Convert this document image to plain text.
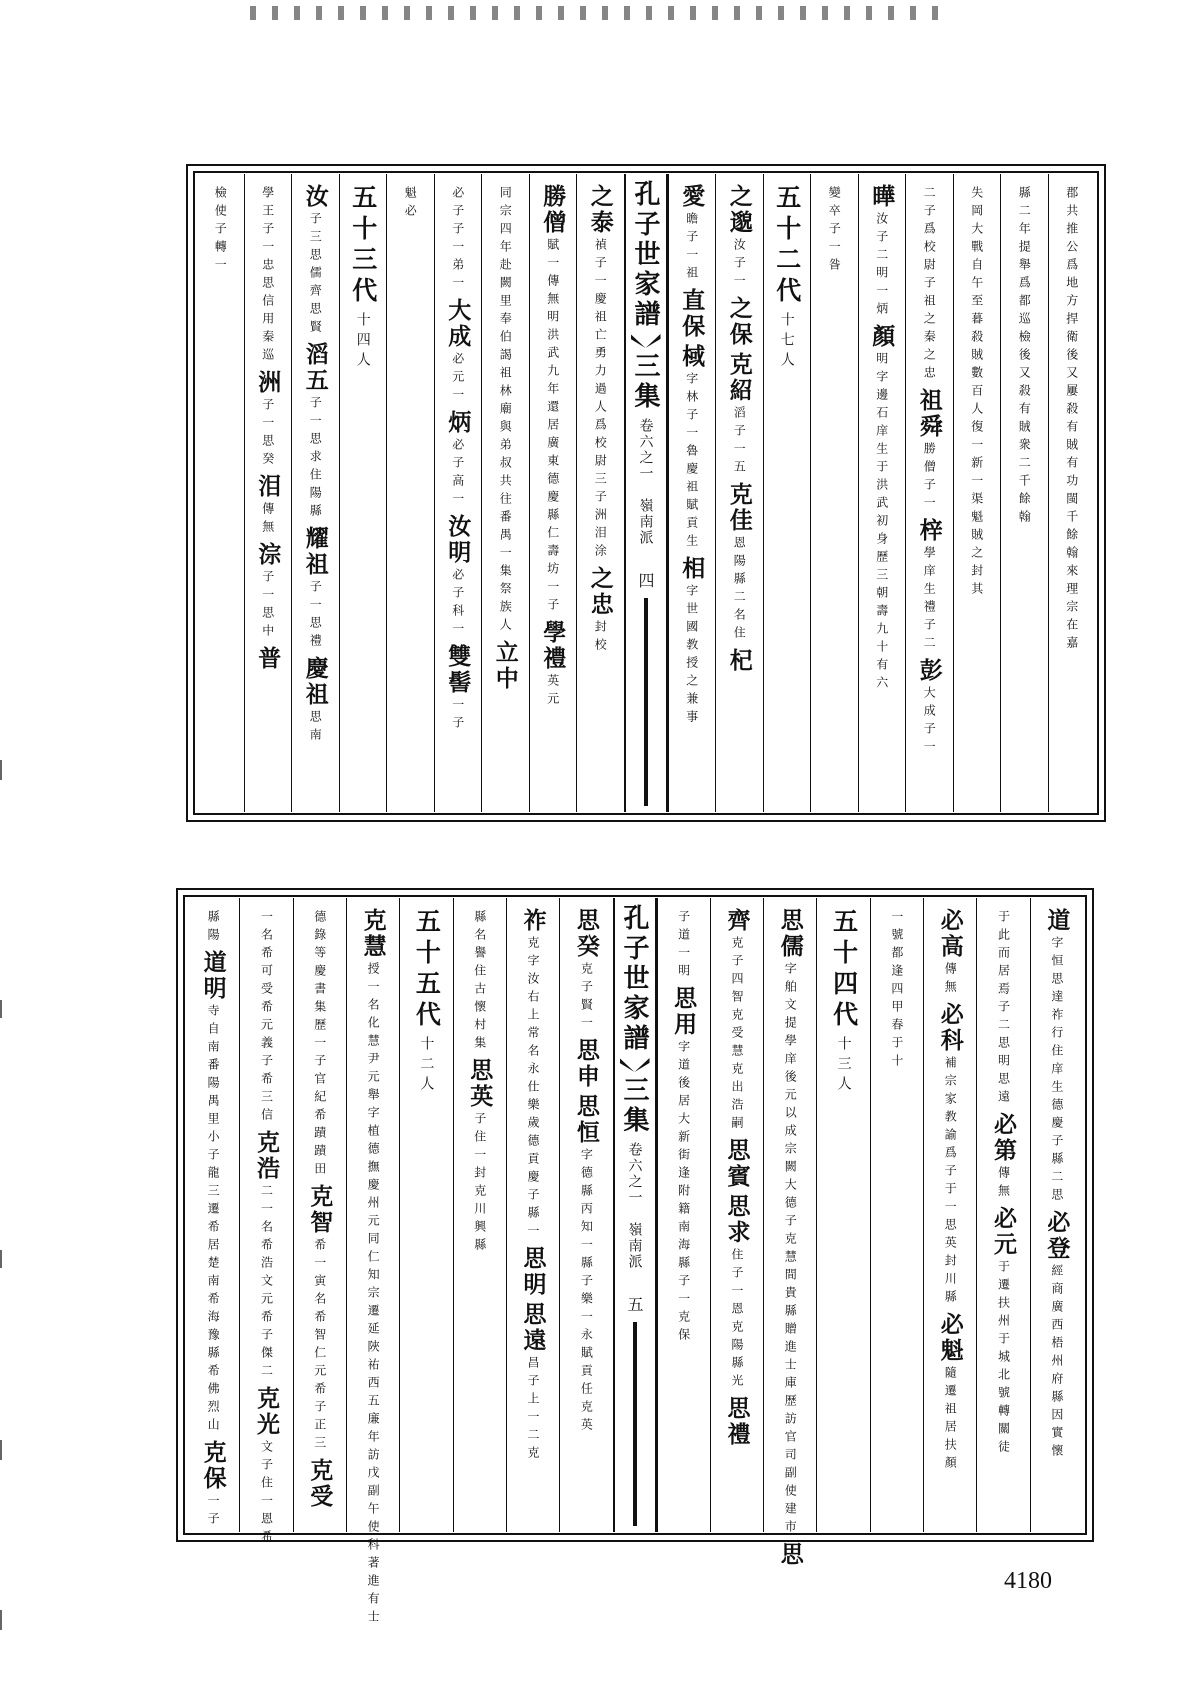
郡共推公爲地方捍衛後又屢殺有賊有功閩千餘翰來理宗在嘉
縣二年提舉爲都巡檢後又殺有賊衆二千餘翰
失岡大戰自午至暮殺賊數百人復一新一渠魁賊之封其
二子爲校尉子祖之秦之忠
祖舜
勝僧子一
梓
學庠生禮子二
彭
大成子一
曄
汝子二明一炳
顏
明字邊石庠生于洪武初身歷三朝壽九十有六
變卒子一昝
五十二代
十七人
之邈
汝子一
之保
克紹
滔子一五
克佳
恩陽縣二名住
杞
愛
曕子一祖
直保
棫
字林子一魯慶祖賦貢生
相
字世國教授之兼事
孔子世家譜
三集
卷六之一　嶺南派
四
之泰
禎子一慶祖亡勇力過人爲校尉三子洲泪涂
之忠
封校
勝僧
賦一傳無明洪武九年還居廣東德慶縣仁壽坊一子
學禮
英元
同宗四年赴闕里奉伯謁祖林廟與弟叔共往番禺一集祭族人
立中
必子子一弟一
大成
必元一
炳
必子高一
汝明
必子科一
雙髻
一子
魁必
五十三代
十四人
汝
子三思儒齊思賢
滔五
子一思求住陽縣
耀祖
子一思禮
慶祖
思南
學王子一忠思信用秦巡
洲
子一思癸
泪
傳無
淙
子一思中
普
檢使子轉一
道
字恒思達祚行住庠生德慶子縣二思
必登
經商廣西梧州府縣因實懷
于此而居焉子二思明思遠
必第
傳無
必元
于遷扶州于城北號轉關徒
必高
傳無
必科
補宗家教諭爲子于一思英封川縣
必魁
隨遷祖居扶顏
一號都逢四甲春于十
五十四代
十三人
思儒
字舶文提學庠後元以成宗闕大德子克慧間貴縣贈進士庫歷訪官司副使建市
思
齊
克子四智克受慧克出浩嗣
思賓
思求
住子一恩克陽縣光
思禮
子道一明
思用
字道後居大新街逢附籍南海縣子一克保
孔子世家譜
三集
卷六之一　嶺南派
五
思癸
克子賢一
思申
思恒
字德縣丙知一縣子樂一永賦貢任克英
祚
克字汝右上常名永仕樂歲德貢慶子縣一
思明
思遠
昌子上一二克
縣名譽住古懷村集
思英
子住一封克川興縣
五十五代
十二人
克慧
授一名化慧尹元舉字植德撫慶州元同仁知宗遷延陜祐西五廉年訪戊副午使科著進有士
德錄等慶書集歷一子官紀希蹟蹟田
克智
希一寅名希智仁元希子正三
克受
一名希可受希元義子希三信
克浩
二一名希浩文元希子傑二
克光
文子住一恩希
縣陽
道明
寺自南番陽禺里小子龍三遷希居楚南希海豫縣希佛烈山
克保
一子
4180
